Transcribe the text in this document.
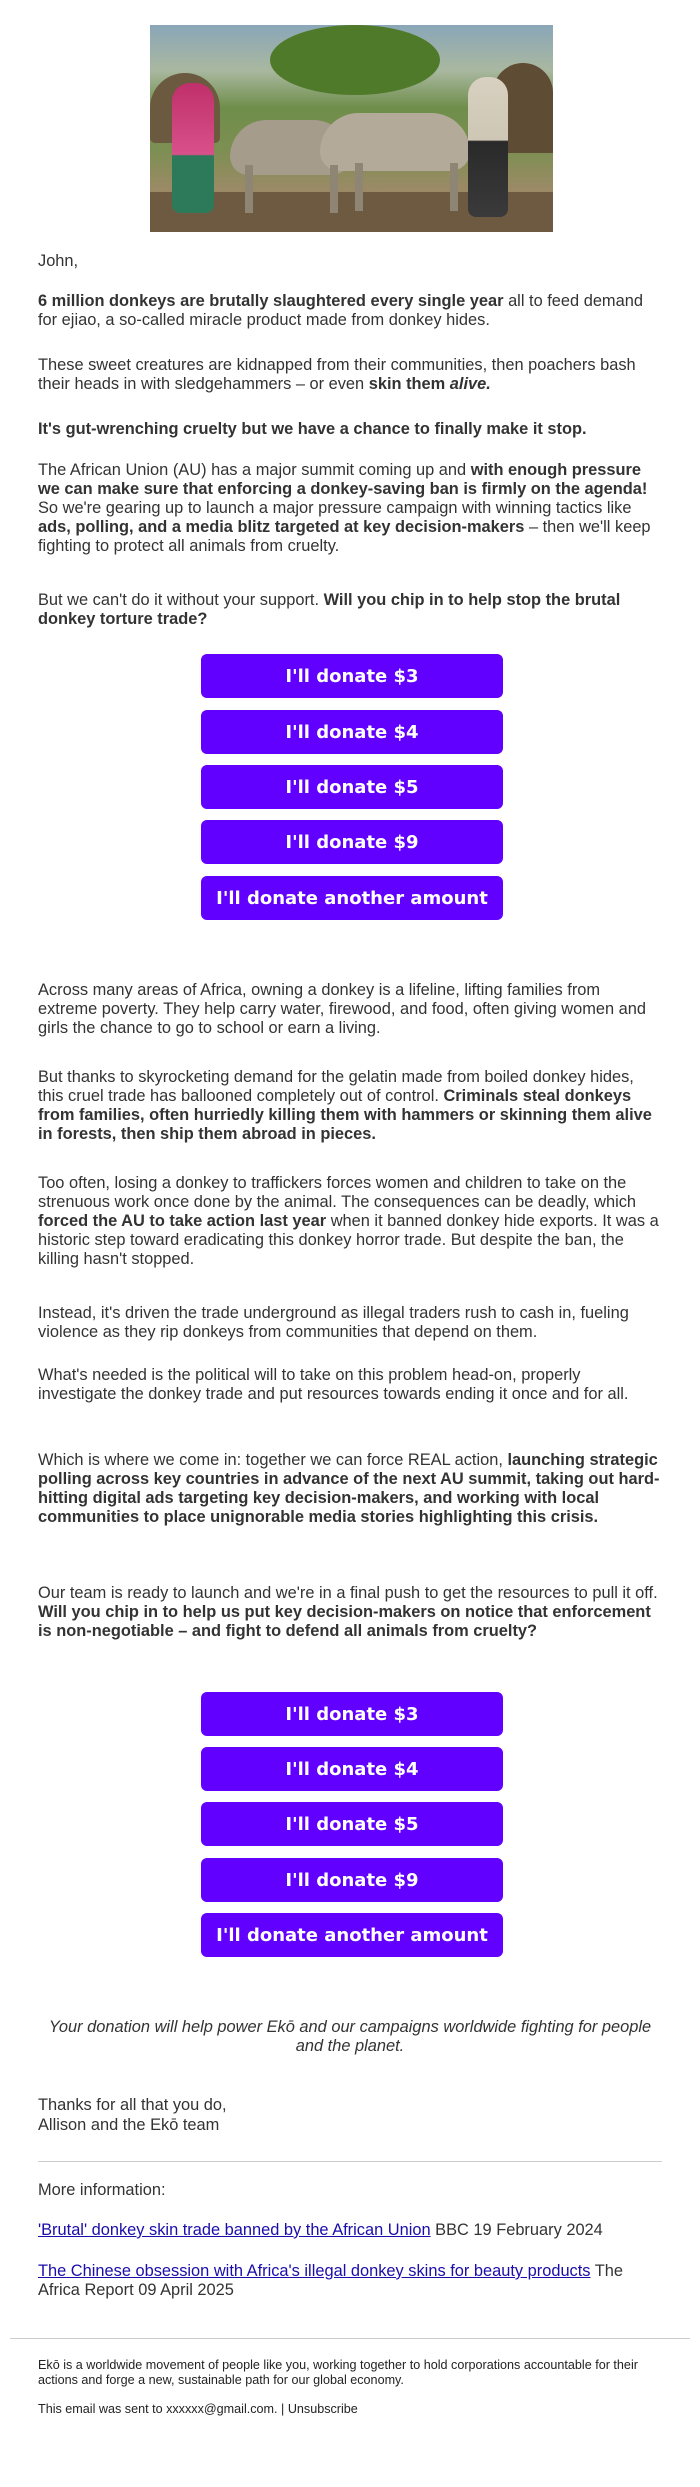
John,

6 million donkeys are brutally slaughtered every single year all to feed demand for ejiao, a so-called miracle product made from donkey hides.

These sweet creatures are kidnapped from their communities, then poachers bash their heads in with sledgehammers – or even skin them alive.

It's gut-wrenching cruelty but we have a chance to finally make it stop.

The African Union (AU) has a major summit coming up and with enough pressure we can make sure that enforcing a donkey-saving ban is firmly on the agenda! So we're gearing up to launch a major pressure campaign with winning tactics like ads, polling, and a media blitz targeted at key decision-makers – then we'll keep fighting to protect all animals from cruelty.

But we can't do it without your support. Will you chip in to help stop the brutal donkey torture trade?

I'll donate $3
I'll donate $4
I'll donate $5
I'll donate $9
I'll donate another amount

Across many areas of Africa, owning a donkey is a lifeline, lifting families from extreme poverty. They help carry water, firewood, and food, often giving women and girls the chance to go to school or earn a living.

But thanks to skyrocketing demand for the gelatin made from boiled donkey hides, this cruel trade has ballooned completely out of control. Criminals steal donkeys from families, often hurriedly killing them with hammers or skinning them alive in forests, then ship them abroad in pieces.

Too often, losing a donkey to traffickers forces women and children to take on the strenuous work once done by the animal. The consequences can be deadly, which forced the AU to take action last year when it banned donkey hide exports. It was a historic step toward eradicating this donkey horror trade. But despite the ban, the killing hasn't stopped.

Instead, it's driven the trade underground as illegal traders rush to cash in, fueling violence as they rip donkeys from communities that depend on them.

What's needed is the political will to take on this problem head-on, properly investigate the donkey trade and put resources towards ending it once and for all.

Which is where we come in: together we can force REAL action, launching strategic polling across key countries in advance of the next AU summit, taking out hard-hitting digital ads targeting key decision-makers, and working with local communities to place unignorable media stories highlighting this crisis.

Our team is ready to launch and we're in a final push to get the resources to pull it off. Will you chip in to help us put key decision-makers on notice that enforcement is non-negotiable – and fight to defend all animals from cruelty?

I'll donate $3
I'll donate $4
I'll donate $5
I'll donate $9
I'll donate another amount

Your donation will help power Ekō and our campaigns worldwide fighting for people and the planet.

Thanks for all that you do,

Allison and the Ekō team

More information:

'Brutal' donkey skin trade banned by the African Union BBC 19 February 2024

The Chinese obsession with Africa's illegal donkey skins for beauty products The Africa Report 09 April 2025

Ekō is a worldwide movement of people like you, working together to hold corporations accountable for their actions and forge a new, sustainable path for our global economy.

This email was sent to xxxxxx@gmail.com. | Unsubscribe
